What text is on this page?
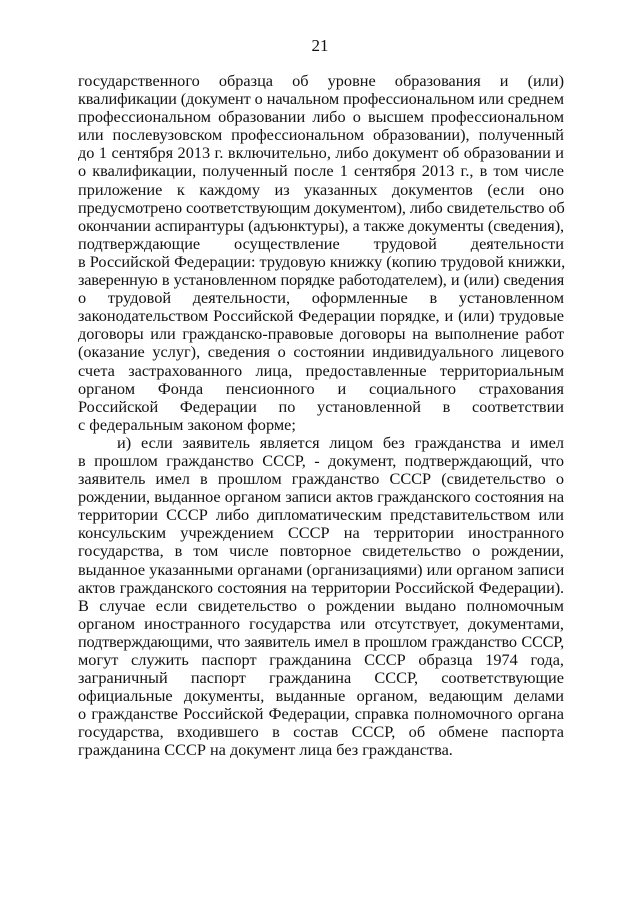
21
государственного образца об уровне образования и (или)
квалификации (документ о начальном профессиональном или среднем
профессиональном образовании либо о высшем профессиональном
или послевузовском профессиональном образовании), полученный
до 1 сентября 2013 г. включительно, либо документ об образовании и
о квалификации, полученный после 1 сентября 2013 г., в том числе
приложение к каждому из указанных документов (если оно
предусмотрено соответствующим документом), либо свидетельство об
окончании аспирантуры (адъюнктуры), а также документы (сведения),
подтверждающие осуществление трудовой деятельности
в Российской Федерации: трудовую книжку (копию трудовой книжки,
заверенную в установленном порядке работодателем), и (или) сведения
о трудовой деятельности, оформленные в установленном
законодательством Российской Федерации порядке, и (или) трудовые
договоры или гражданско-правовые договоры на выполнение работ
(оказание услуг), сведения о состоянии индивидуального лицевого
счета застрахованного лица, предоставленные территориальным
органом Фонда пенсионного и социального страхования
Российской Федерации по установленной в соответствии
с федеральным законом форме;
и) если заявитель является лицом без гражданства и имел
в прошлом гражданство СССР, - документ, подтверждающий, что
заявитель имел в прошлом гражданство СССР (свидетельство о
рождении, выданное органом записи актов гражданского состояния на
территории СССР либо дипломатическим представительством или
консульским учреждением СССР на территории иностранного
государства, в том числе повторное свидетельство о рождении,
выданное указанными органами (организациями) или органом записи
актов гражданского состояния на территории Российской Федерации).
В случае если свидетельство о рождении выдано полномочным
органом иностранного государства или отсутствует, документами,
подтверждающими, что заявитель имел в прошлом гражданство СССР,
могут служить паспорт гражданина СССР образца 1974 года,
заграничный паспорт гражданина СССР, соответствующие
официальные документы, выданные органом, ведающим делами
о гражданстве Российской Федерации, справка полномочного органа
государства, входившего в состав СССР, об обмене паспорта
гражданина СССР на документ лица без гражданства.
